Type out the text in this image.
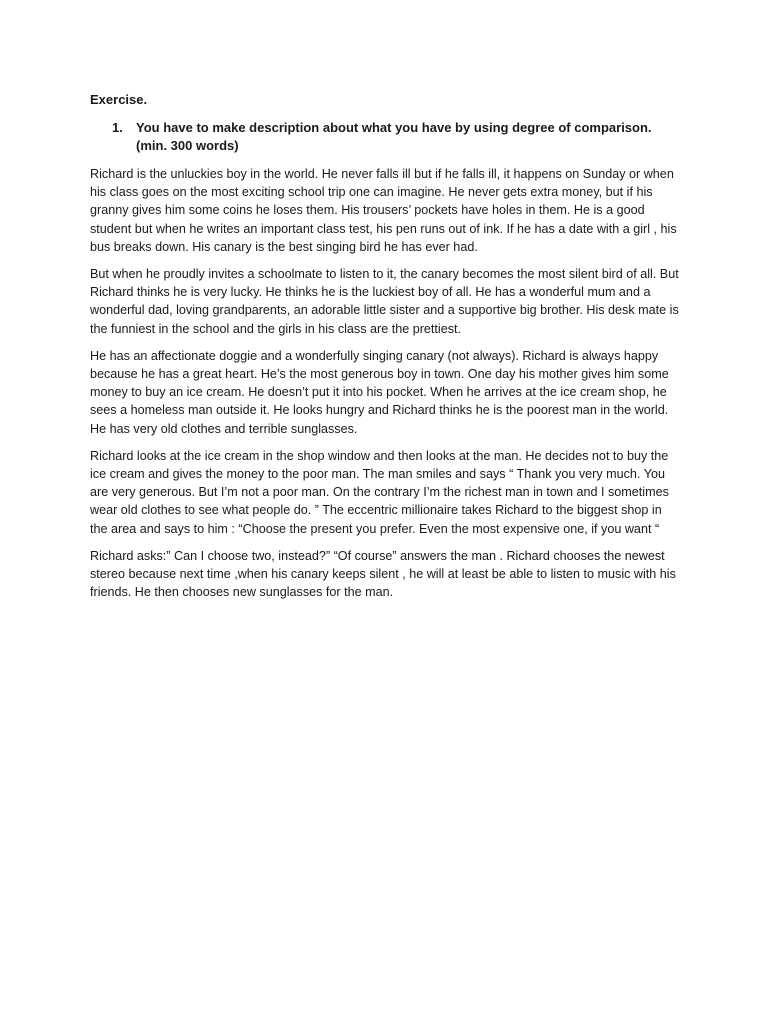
Exercise.
1.	You have to make description about what you have by using degree of comparison. (min. 300 words)

Richard is the unluckies boy in the world. He never falls ill but if he falls ill, it happens on Sunday or when his class goes on the most exciting school trip one can imagine. He never gets extra money, but if his granny gives him some coins he loses them. His trousers’ pockets have holes in them. He is a good student but when he writes an important class test, his pen runs out of ink. If he has a date with a girl , his bus breaks down. His canary is the best singing bird he has ever had.

But when he proudly invites a schoolmate to listen to it, the canary becomes the most silent bird of all. But Richard thinks he is very lucky. He thinks he is the luckiest boy of all. He has a wonderful mum and a wonderful dad, loving grandparents, an adorable little sister and a supportive big brother. His desk mate is the funniest in the school and the girls in his class are the prettiest.

He has an affectionate doggie and a wonderfully singing canary (not always). Richard is always happy because he has a great heart. He’s the most generous boy in town. One day his mother gives him some money to buy an ice cream. He doesn’t put it into his pocket. When he arrives at the ice cream shop, he sees a homeless man outside it. He looks hungry and Richard thinks he is the poorest man in the world. He has very old clothes and terrible sunglasses.

Richard looks at the ice cream in the shop window and then looks at the man. He decides not to buy the ice cream and gives the money to the poor man. The man smiles and says “ Thank you very much. You are very generous. But I’m not a poor man. On the contrary I’m the richest man in town and I sometimes wear old clothes to see what people do. ” The eccentric millionaire takes Richard to the biggest shop in the area and says to him : “Choose the present you prefer. Even the most expensive one, if you want “

Richard asks:” Can I choose two, instead?” “Of course” answers the man . Richard chooses the newest stereo because next time ,when his canary keeps silent , he will at least be able to listen to music with his friends. He then chooses new sunglasses for the man.
